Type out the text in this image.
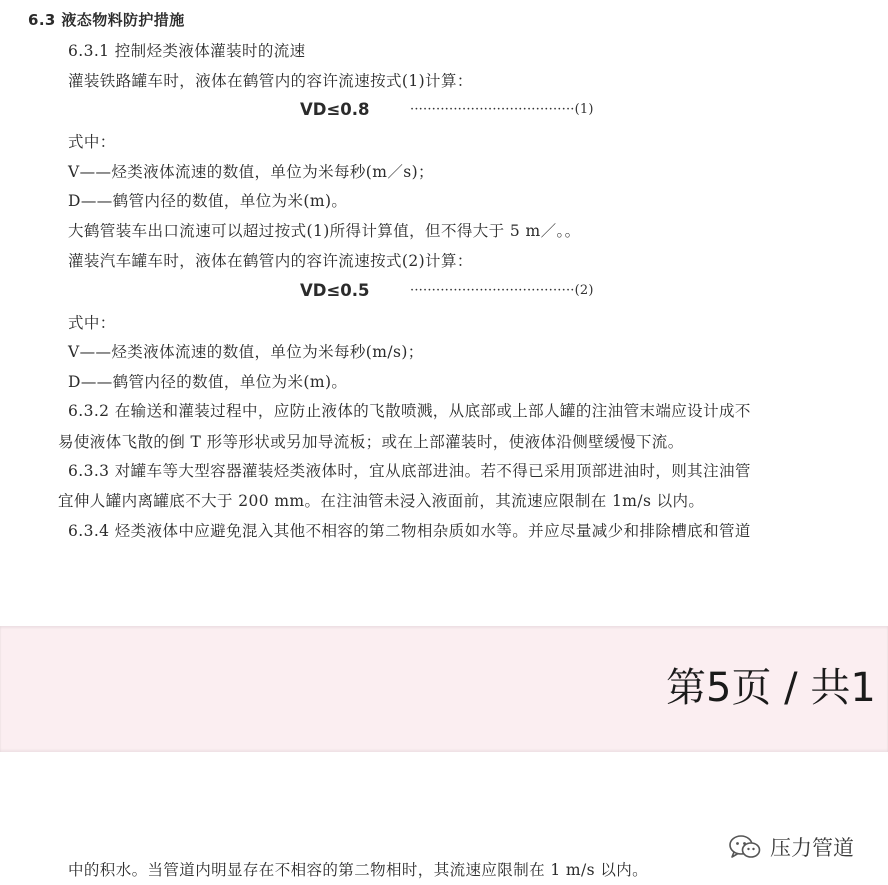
6.3 液态物料防护措施
6.3.1 控制烃类液体灌装时的流速
灌装铁路罐车时，液体在鹤管内的容许流速按式(1)计算：
VD≤0.8	······································(1)
式中：
V——烃类液体流速的数值，单位为米每秒(m／s)；
D——鹤管内径的数值，单位为米(m)。
大鹤管装车出口流速可以超过按式(1)所得计算值，但不得大于 5 m／。。
灌装汽车罐车时，液体在鹤管内的容许流速按式(2)计算：
VD≤0.5	······································(2)
式中：
V——烃类液体流速的数值，单位为米每秒(m/s)；
D——鹤管内径的数值，单位为米(m)。
6.3.2 在输送和灌装过程中，应防止液体的飞散喷溅，从底部或上部人罐的注油管末端应设计成不
易使液体飞散的倒 T 形等形状或另加导流板；或在上部灌装时，使液体沿侧壁缓慢下流。
6.3.3 对罐车等大型容器灌装烃类液体时，宜从底部进油。若不得已采用顶部进油时，则其注油管
宜伸人罐内离罐底不大于 200 mm。在注油管未浸入液面前，其流速应限制在 1m/s 以内。
6.3.4 烃类液体中应避免混入其他不相容的第二物相杂质如水等。并应尽量减少和排除槽底和管道
第5页 / 共1
中的积水。当管道内明显存在不相容的第二物相时，其流速应限制在 1 m/s 以内。
压力管道
